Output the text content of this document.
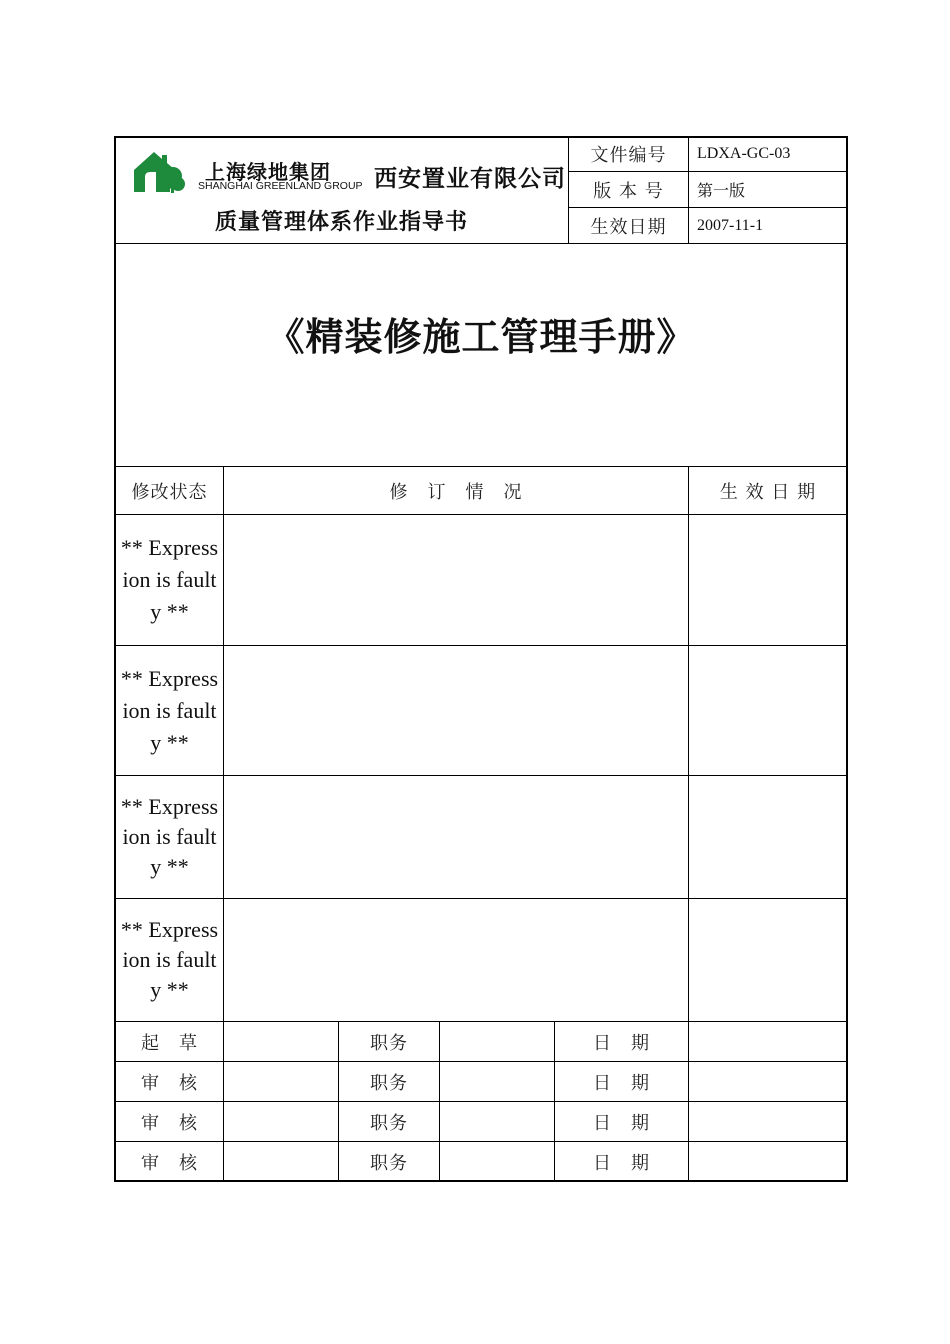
上海绿地集团
SHANGHAI GREENLAND GROUP 西安置业有限公司
质量管理体系作业指导书
文件编号	LDXA-GC-03
版 本 号	第一版
生效日期	2007-11-1
《精装修施工管理手册》
修改状态	修　订　情　况	生 效 日 期
** Expression is faulty **
** Expression is faulty **
** Expression is faulty **
** Expression is faulty **
起　草	职务	日　期
审　核	职务	日　期
审　核	职务	日　期
审　核	职务	日　期
